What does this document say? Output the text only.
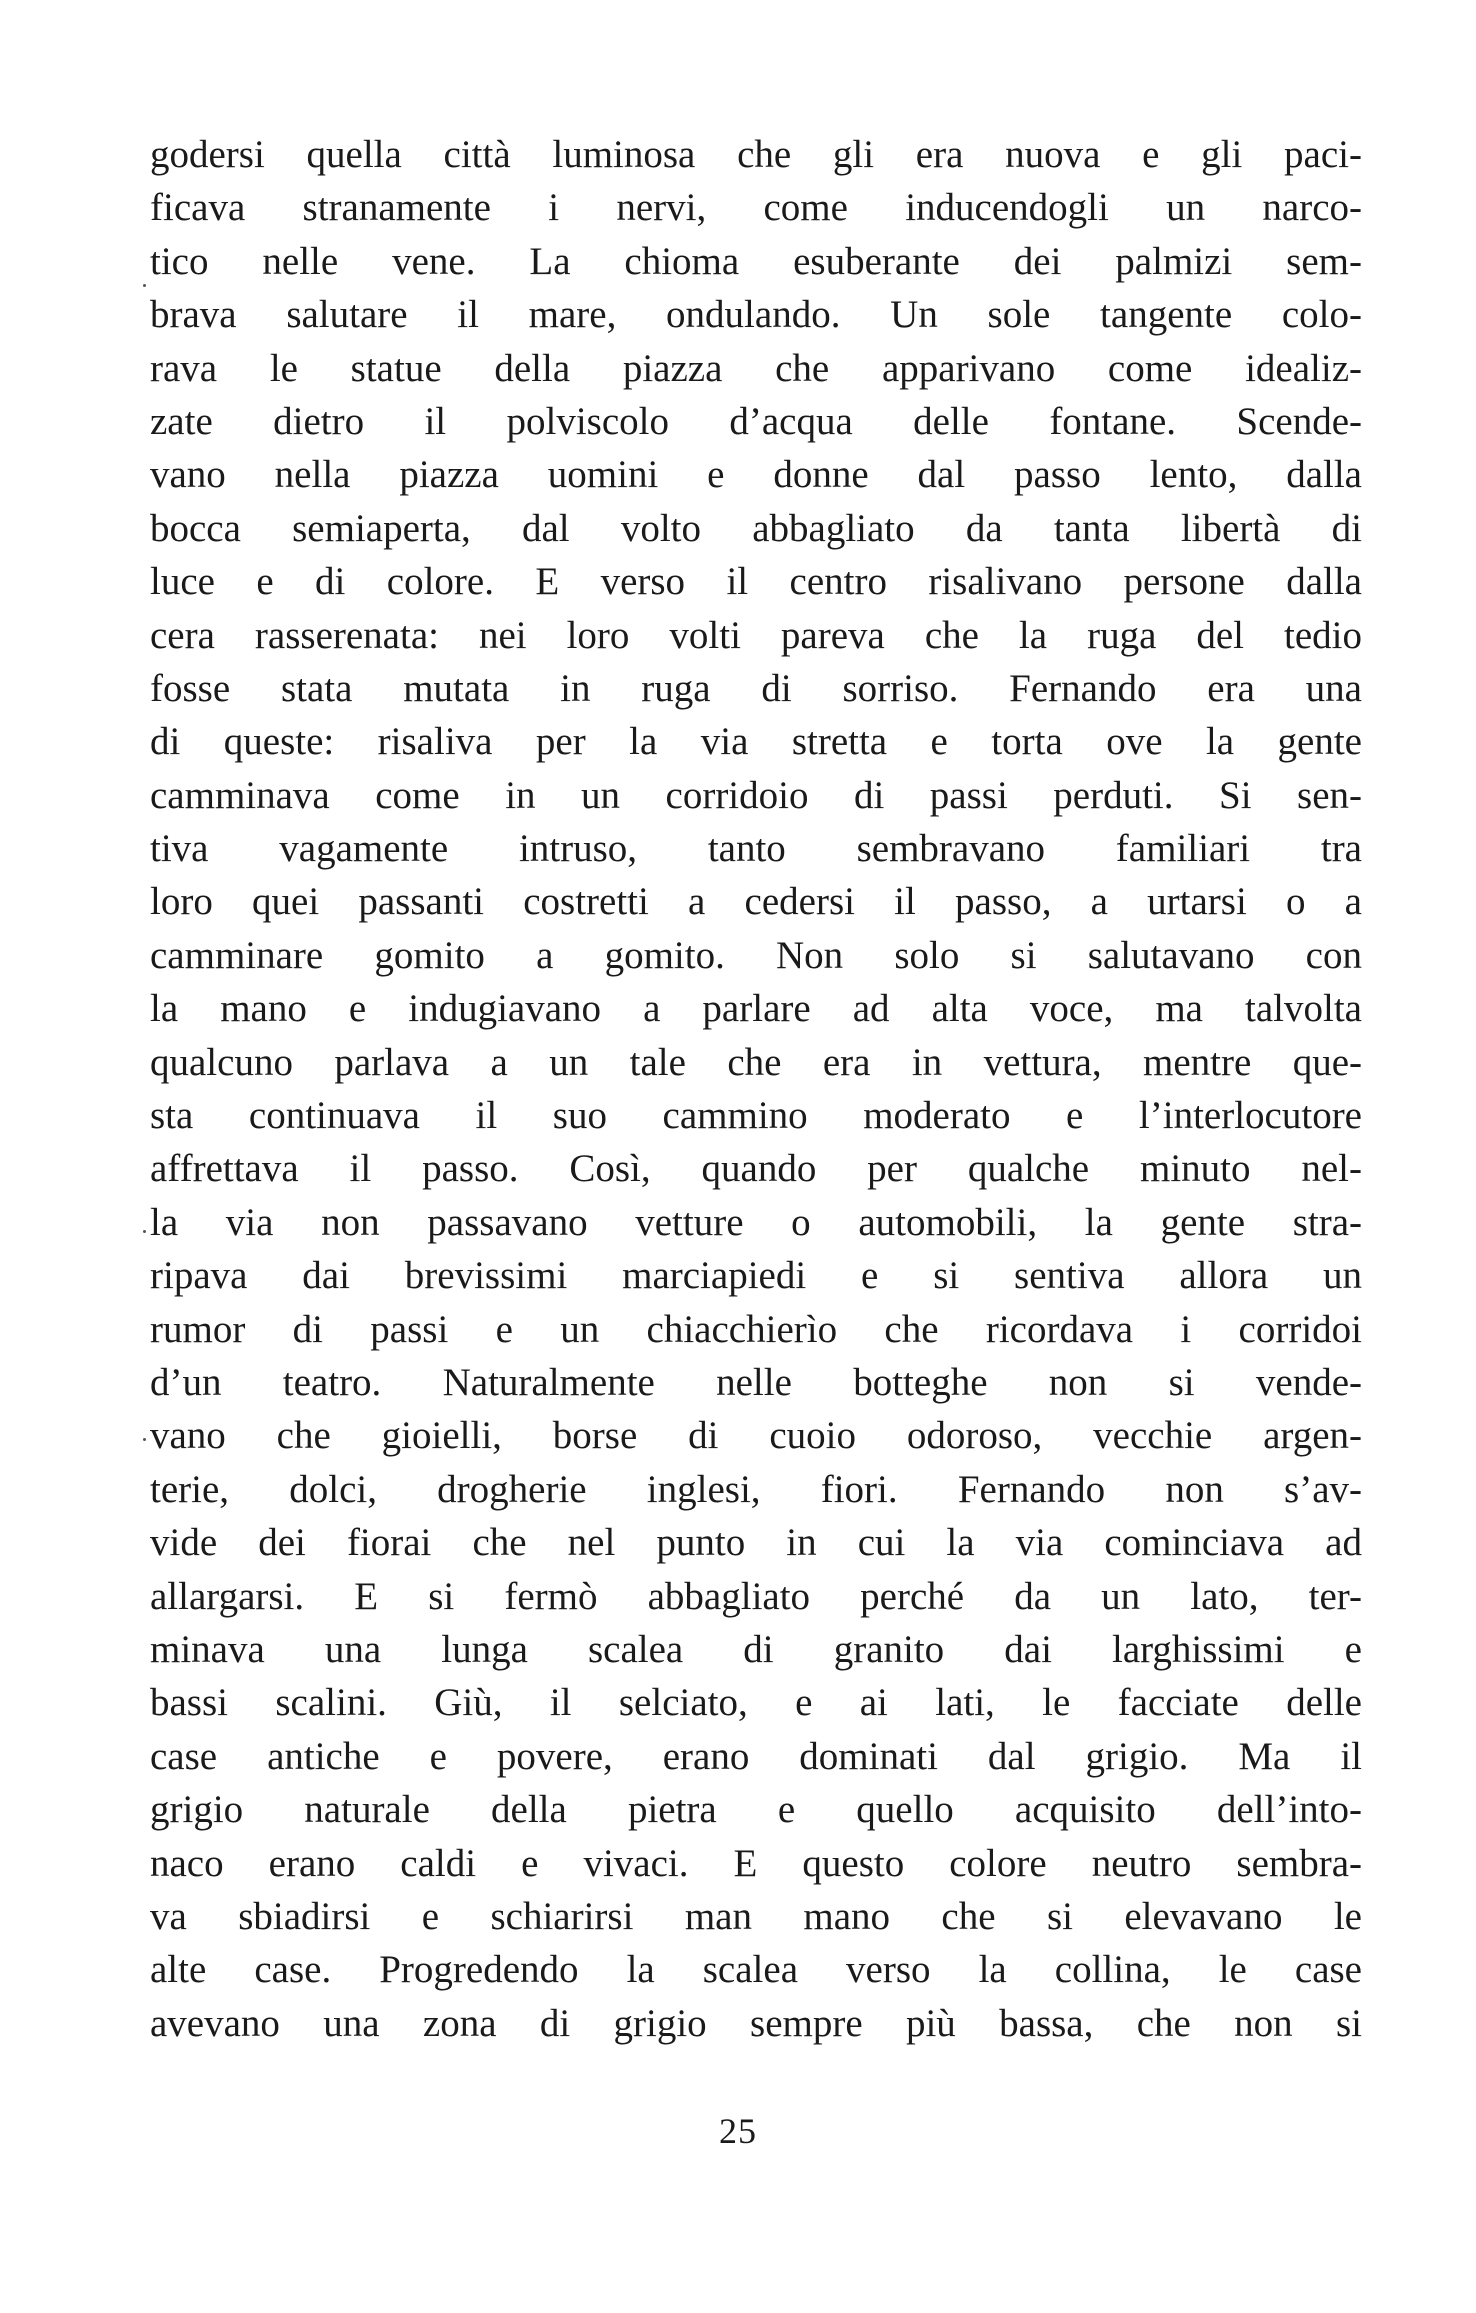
godersi quella città luminosa che gli era nuova e gli paci-
ficava stranamente i nervi, come inducendogli un narco-
tico nelle vene. La chioma esuberante dei palmizi sem-
brava salutare il mare, ondulando. Un sole tangente colo-
rava le statue della piazza che apparivano come idealiz-
zate dietro il polviscolo d’acqua delle fontane. Scende-
vano nella piazza uomini e donne dal passo lento, dalla
bocca semiaperta, dal volto abbagliato da tanta libertà di
luce e di colore. E verso il centro risalivano persone dalla
cera rasserenata: nei loro volti pareva che la ruga del tedio
fosse stata mutata in ruga di sorriso. Fernando era una
di queste: risaliva per la via stretta e torta ove la gente
camminava come in un corridoio di passi perduti. Si sen-
tiva vagamente intruso, tanto sembravano familiari tra
loro quei passanti costretti a cedersi il passo, a urtarsi o a
camminare gomito a gomito. Non solo si salutavano con
la mano e indugiavano a parlare ad alta voce, ma talvolta
qualcuno parlava a un tale che era in vettura, mentre que-
sta continuava il suo cammino moderato e l’interlocutore
affrettava il passo. Così, quando per qualche minuto nel-
la via non passavano vetture o automobili, la gente stra-
ripava dai brevissimi marciapiedi e si sentiva allora un
rumor di passi e un chiacchierìo che ricordava i corridoi
d’un teatro. Naturalmente nelle botteghe non si vende-
vano che gioielli, borse di cuoio odoroso, vecchie argen-
terie, dolci, drogherie inglesi, fiori. Fernando non s’av-
vide dei fiorai che nel punto in cui la via cominciava ad
allargarsi. E si fermò abbagliato perché da un lato, ter-
minava una lunga scalea di granito dai larghissimi e
bassi scalini. Giù, il selciato, e ai lati, le facciate delle
case antiche e povere, erano dominati dal grigio. Ma il
grigio naturale della pietra e quello acquisito dell’into-
naco erano caldi e vivaci. E questo colore neutro sembra-
va sbiadirsi e schiarirsi man mano che si elevavano le
alte case. Progredendo la scalea verso la collina, le case
avevano una zona di grigio sempre più bassa, che non si
25
